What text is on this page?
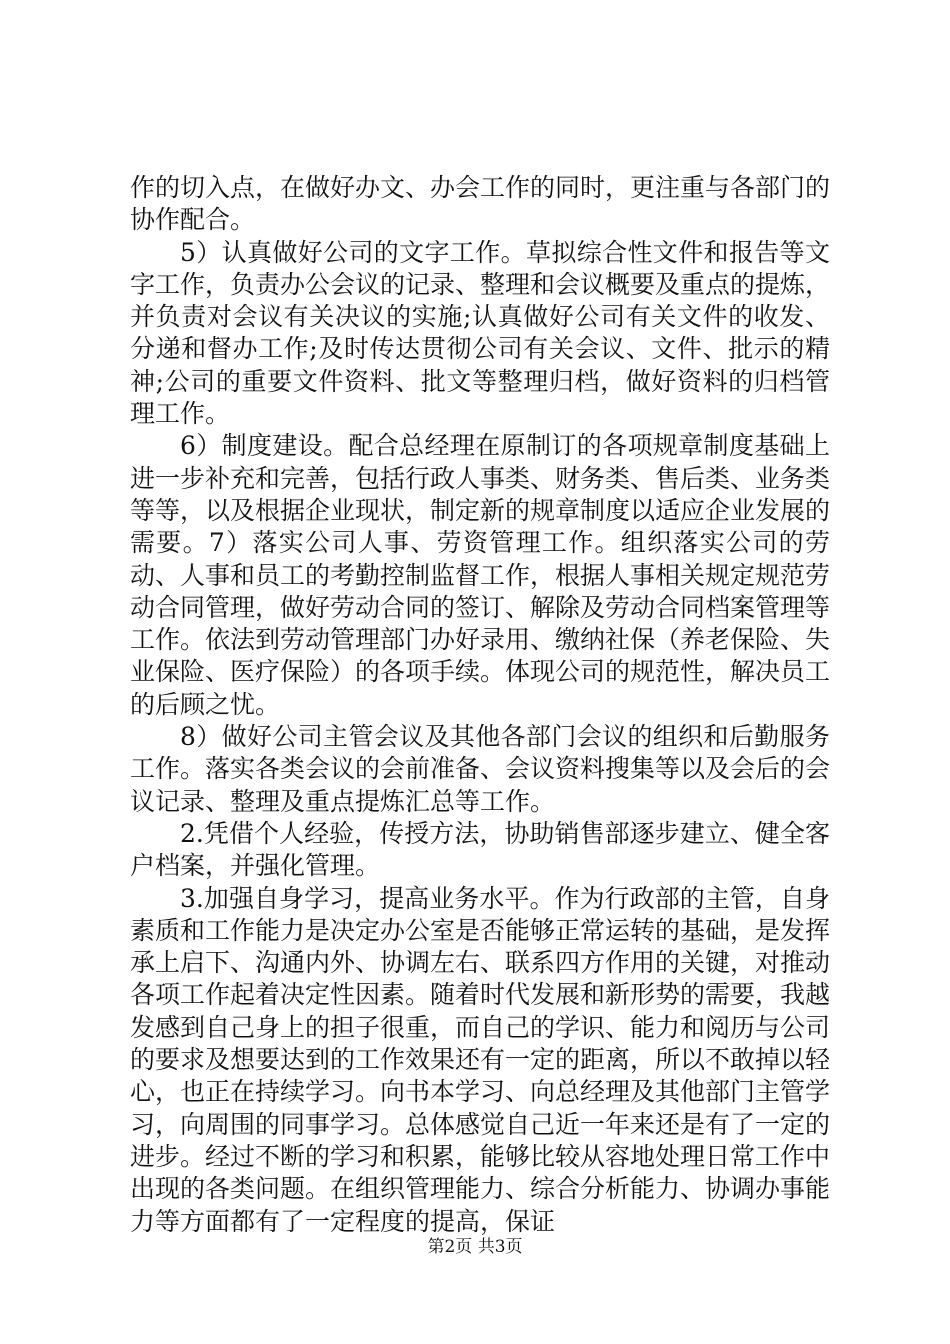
作的切入点，在做好办文、办会工作的同时，更注重与各部门的协作配合。

5）认真做好公司的文字工作。草拟综合性文件和报告等文字工作，负责办公会议的记录、整理和会议概要及重点的提炼，并负责对会议有关决议的实施;认真做好公司有关文件的收发、分递和督办工作;及时传达贯彻公司有关会议、文件、批示的精神;公司的重要文件资料、批文等整理归档，做好资料的归档管理工作。

6）制度建设。配合总经理在原制订的各项规章制度基础上进一步补充和完善，包括行政人事类、财务类、售后类、业务类等等，以及根据企业现状，制定新的规章制度以适应企业发展的需要。7）落实公司人事、劳资管理工作。组织落实公司的劳动、人事和员工的考勤控制监督工作，根据人事相关规定规范劳动合同管理，做好劳动合同的签订、解除及劳动合同档案管理等工作。依法到劳动管理部门办好录用、缴纳社保（养老保险、失业保险、医疗保险）的各项手续。体现公司的规范性，解决员工的后顾之忧。

8）做好公司主管会议及其他各部门会议的组织和后勤服务工作。落实各类会议的会前准备、会议资料搜集等以及会后的会议记录、整理及重点提炼汇总等工作。

2.凭借个人经验，传授方法，协助销售部逐步建立、健全客户档案，并强化管理。

3.加强自身学习，提高业务水平。作为行政部的主管，自身素质和工作能力是决定办公室是否能够正常运转的基础，是发挥承上启下、沟通内外、协调左右、联系四方作用的关键，对推动各项工作起着决定性因素。随着时代发展和新形势的需要，我越发感到自己身上的担子很重，而自己的学识、能力和阅历与公司的要求及想要达到的工作效果还有一定的距离，所以不敢掉以轻心，也正在持续学习。向书本学习、向总经理及其他部门主管学习，向周围的同事学习。总体感觉自己近一年来还是有了一定的进步。经过不断的学习和积累，能够比较从容地处理日常工作中出现的各类问题。在组织管理能力、综合分析能力、协调办事能力等方面都有了一定程度的提高，保证

第2页 共3页
